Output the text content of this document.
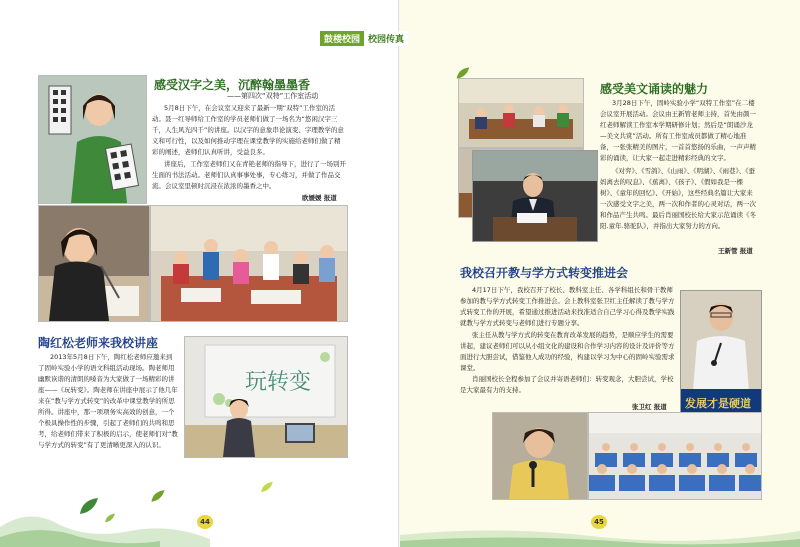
感受汉字之美，沉醉翰墨墨香
——第四次“双特”工作室活动

5月8日下午，在会议室又迎来了最新一期“双特”工作室的活动。聂一红导师给工作室的学员老师们做了一场名为“悠闲汉字三千，人生风光四千”的讲座。以汉字的意象串论演变、字理教学的意义和可行性，以及如何推动字理在课堂教学的实施给老师们做了精彩的阐述，老师们认真听讲，受益良多。

讲座后，工作室老师们又在青艳老师的指导下，进行了一场别开生面的书法活动。老师们认真事事处事，专心练习，并做了作品交流。会议室里顿时沉浸在浓浓的墨香之中。

欧媛媛 报道
陶红松老师来我校讲座

2013年5月8日下午，陶红松老师应邀来到了固岭实验小学的语文科组活动现场。陶老师用幽默诙谐的清朗的嗓音为大家做了一场精彩的讲座——《玩转变》。陶老师在讲座中展示了他几年来在“教与学方式转变”的改革中课堂教学的所思所得。讲座中，那一项项务实高效的创意，一个个极具操作性的步骤，引起了老师们的共鸣和思考，给老师们带来了积极的启示，使老师们对“教与学方式的转变”有了更清晰更深入的认识。

玩转变
44
鼓楼校园 校园传真
感受美文诵读的魅力

3月28日下午，固岭实验小学“双特工作室”在二楼会议室开展活动。会议由王新管老师主持，首先由颜一红老师解读工作室本学期研修计划；然后是“朗诵沙龙—美文共赏”活动。所有工作室成员都做了精心地准备，一张张精美的图片，一首首悠扬的乐曲，一声声精彩的诵读，让大家一起走进精彩经典的文字。

《对弈》、《雪鸽》、《山雨》、《明湖》、《雨巷》、《蚕妈离去的叹息》、《蕉离》、《孩子》、《假如我是一棵树》、《童年的回忆》、《开始》，这些经典名篇让大家来一次感受文字之美，两一次和作者的心灵对话，两一次和作品产生共鸣。最后肖丽国校长给大家示范诵读《冬阳.童年.骆驼队》，并指出大家努力的方向。

王新管 报道
我校召开教与学方式转变推进会

4月17日下午，我校召开了校长、教科室主任、各学科组长和骨干教师参加的教与学方式转变工作推进会。会上教科室张卫红主任解读了教与学方式转变工作的开展，希望通过推进活动来找准适合自己学习心得及教学实践就教与学方式转变与老师们进行专题分享。

张主任从教与学方式的转变在教育改革发展的趋势，是顺应学生的需要讲起，建议老师们可以从小组文化的建设和合作学习内容的设计及评价等方面进行大胆尝试，借鉴他人成功的经验，构建以学习为中心的固岭实验需求课堂。

肖丽国校长全程参加了会议并寄语老师们：转变观念，大胆尝试，学校是大家最有力的支持。

张卫红 报道 发展才是硬道
45
